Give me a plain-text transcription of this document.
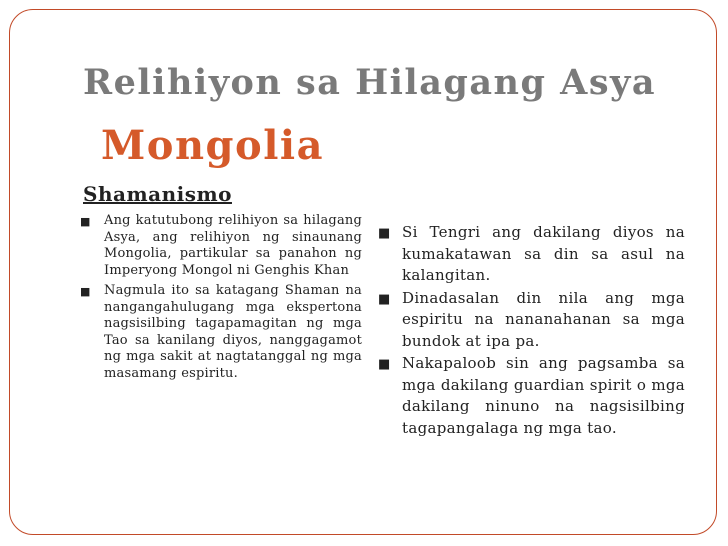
Relihiyon sa Hilagang Asya
Mongolia
Shamanismo
■ Ang katutubong relihiyon sa hilagang Asya, ang relihiyon ng sinaunang Mongolia, partikular sa panahon ng Imperyong Mongol ni Genghis Khan
■ Nagmula ito sa katagang Shaman na nangangahulugang mga ekspertona nagsisilbing tagapamagitan ng mga Tao sa kanilang diyos, nanggagamot ng mga sakit at nagtatanggal ng mga masamang espiritu.
■ Si Tengri ang dakilang diyos na kumakatawan sa din sa asul na kalangitan.
■ Dinadasalan din nila ang mga espiritu na nananahanan sa mga bundok at ipa pa.
■ Nakapaloob sin ang pagsamba sa mga dakilang guardian spirit o mga dakilang ninuno na nagsisilbing tagapangalaga ng mga tao.
